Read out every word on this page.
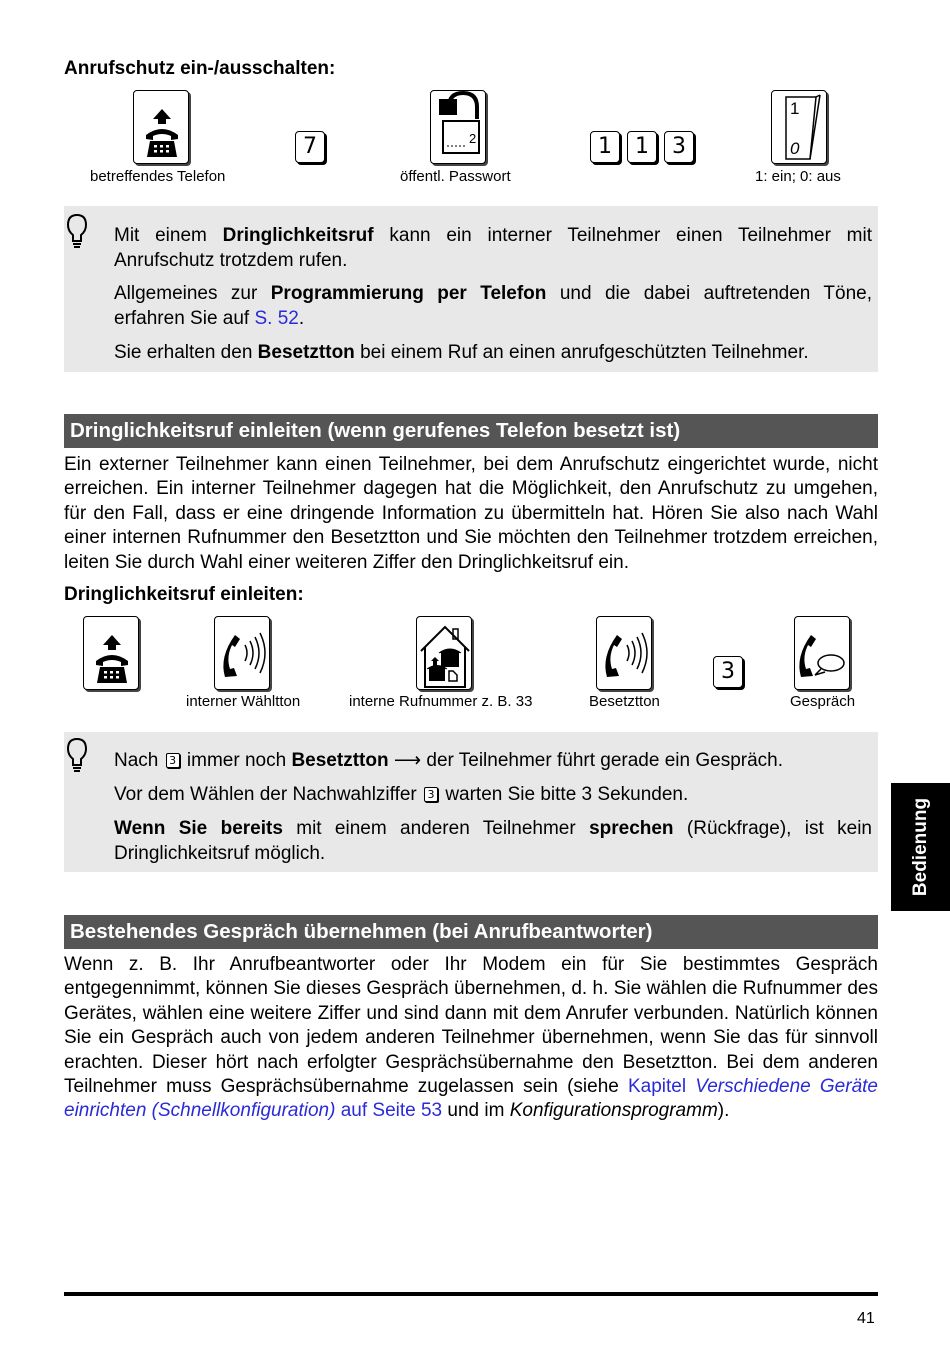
Anrufschutz ein-/ausschalten:
betreffendes Telefon
7	2
öffentl. Passwort
1	1	3
1
0
1: ein; 0: aus
Mit einem Dringlichkeitsruf kann ein interner Teilnehmer einen Teilnehmer mit Anrufschutz trotzdem rufen.
Allgemeines zur Programmierung per Telefon und die dabei auftretenden Töne, erfahren Sie auf S. 52.
Sie erhalten den Besetztton bei einem Ruf an einen anrufgeschützten Teilnehmer.
Dringlichkeitsruf einleiten (wenn gerufenes Telefon besetzt ist)
Ein externer Teilnehmer kann einen Teilnehmer, bei dem Anrufschutz eingerichtet wurde, nicht erreichen. Ein interner Teilnehmer dagegen hat die Möglichkeit, den Anrufschutz zu umgehen, für den Fall, dass er eine dringende Information zu übermitteln hat. Hören Sie also nach Wahl einer internen Rufnummer den Besetztton und Sie möchten den Teilnehmer trotzdem erreichen, leiten Sie durch Wahl einer weiteren Ziffer den Dringlichkeitsruf ein.
Dringlichkeitsruf einleiten:
interner Wähltton	interne Rufnummer z. B. 33	Besetztton
3
Gespräch
Nach 3 immer noch Besetztton ⟶ der Teilnehmer führt gerade ein Gespräch.
Vor dem Wählen der Nachwahlziffer 3 warten Sie bitte 3 Sekunden.
Wenn Sie bereits mit einem anderen Teilnehmer sprechen (Rückfrage), ist kein Dringlichkeitsruf möglich.
Bestehendes Gespräch übernehmen (bei Anrufbeantworter)
Wenn z. B. Ihr Anrufbeantworter oder Ihr Modem ein für Sie bestimmtes Gespräch entgegennimmt, können Sie dieses Gespräch übernehmen, d. h. Sie wählen die Rufnummer des Gerätes, wählen eine weitere Ziffer und sind dann mit dem Anrufer verbunden. Natürlich können Sie ein Gespräch auch von jedem anderen Teilnehmer übernehmen, wenn Sie das für sinnvoll erachten. Dieser hört nach erfolgter Gesprächsübernahme den Besetztton. Bei dem anderen Teilnehmer muss Gesprächsübernahme zugelassen sein (siehe Kapitel Verschiedene Geräte einrichten (Schnellkonfiguration) auf Seite 53 und im Konfigurationsprogramm).
Bedienung
41
